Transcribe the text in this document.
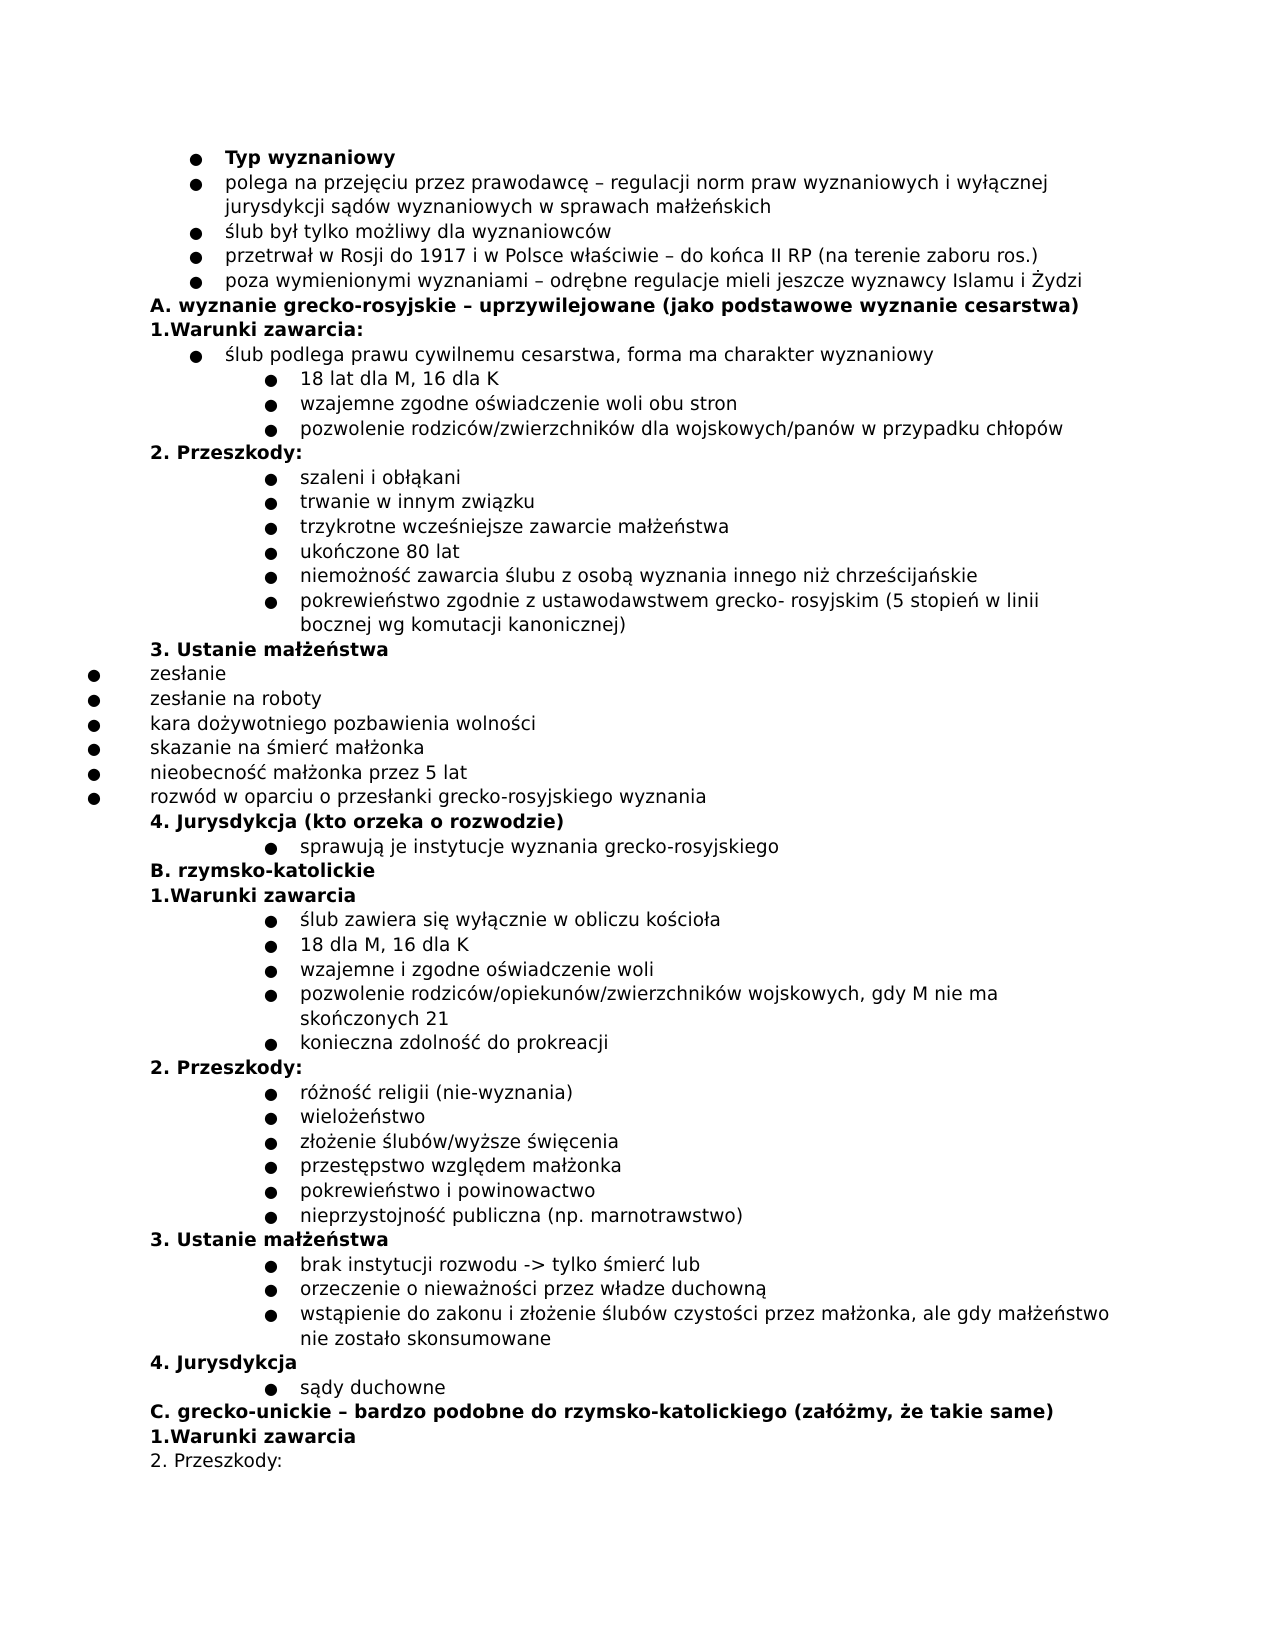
● Typ wyznaniowy
● polega na przejęciu przez prawodawcę – regulacji norm praw wyznaniowych i wyłącznej
jurysdykcji sądów wyznaniowych w sprawach małżeńskich
● ślub był tylko możliwy dla wyznaniowców
● przetrwał w Rosji do 1917 i w Polsce właściwie – do końca II RP (na terenie zaboru ros.)
● poza wymienionymi wyznaniami – odrębne regulacje mieli jeszcze wyznawcy Islamu i Żydzi
A. wyznanie grecko-rosyjskie – uprzywilejowane (jako podstawowe wyznanie cesarstwa)
1.Warunki zawarcia:
● ślub podlega prawu cywilnemu cesarstwa, forma ma charakter wyznaniowy
● 18 lat dla M, 16 dla K
● wzajemne zgodne oświadczenie woli obu stron
● pozwolenie rodziców/zwierzchników dla wojskowych/panów w przypadku chłopów
2. Przeszkody:
● szaleni i obłąkani
● trwanie w innym związku
● trzykrotne wcześniejsze zawarcie małżeństwa
● ukończone 80 lat
● niemożność zawarcia ślubu z osobą wyznania innego niż chrześcijańskie
● pokrewieństwo zgodnie z ustawodawstwem grecko- rosyjskim (5 stopień w linii
bocznej wg komutacji kanonicznej)
3. Ustanie małżeństwa
●	zesłanie
●	zesłanie na roboty
●	kara dożywotniego pozbawienia wolności
●	skazanie na śmierć małżonka
●	nieobecność małżonka przez 5 lat
●	rozwód w oparciu o przesłanki grecko-rosyjskiego wyznania
4. Jurysdykcja (kto orzeka o rozwodzie)
● sprawują je instytucje wyznania grecko-rosyjskiego
B. rzymsko-katolickie
1.Warunki zawarcia
● ślub zawiera się wyłącznie w obliczu kościoła
● 18 dla M, 16 dla K
● wzajemne i zgodne oświadczenie woli
● pozwolenie rodziców/opiekunów/zwierzchników wojskowych, gdy M nie ma
skończonych 21
● konieczna zdolność do prokreacji
2. Przeszkody:
● różność religii (nie-wyznania)
● wielożeństwo
● złożenie ślubów/wyższe święcenia
● przestępstwo względem małżonka
● pokrewieństwo i powinowactwo
● nieprzystojność publiczna (np. marnotrawstwo)
3. Ustanie małżeństwa
● brak instytucji rozwodu -> tylko śmierć lub
● orzeczenie o nieważności przez władze duchowną
● wstąpienie do zakonu i złożenie ślubów czystości przez małżonka, ale gdy małżeństwo
nie zostało skonsumowane
4. Jurysdykcja
● sądy duchowne
C. grecko-unickie – bardzo podobne do rzymsko-katolickiego (załóżmy, że takie same)
1.Warunki zawarcia
2. Przeszkody:
